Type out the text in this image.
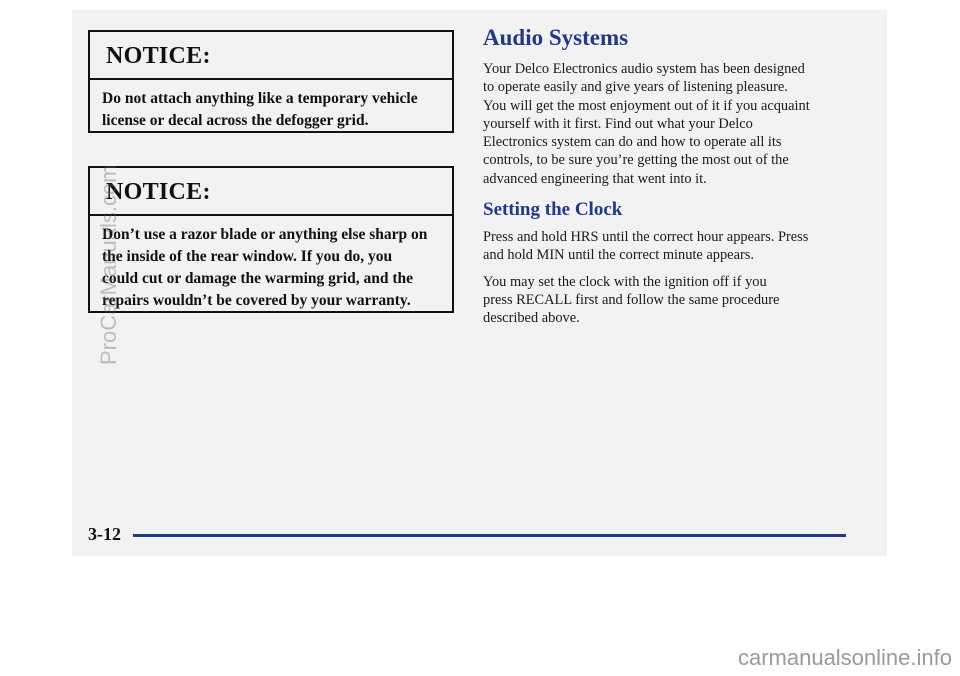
NOTICE:
Do not attach anything like a temporary vehicle
license or decal across the defogger grid.
NOTICE:
Don’t use a razor blade or anything else sharp on
the inside of the rear window. If you do, you
could cut or damage the warming grid, and the
repairs wouldn’t be covered by your warranty.
Audio Systems
Your Delco Electronics audio system has been designed
to operate easily and give years of listening pleasure.
You will get the most enjoyment out of it if you acquaint
yourself with it first. Find out what your Delco
Electronics system can do and how to operate all its
controls, to be sure you’re getting the most out of the
advanced engineering that went into it.
Setting the Clock
Press and hold HRS until the correct hour appears. Press
and hold MIN until the correct minute appears.
You may set the clock with the ignition off if you
press RECALL first and follow the same procedure
described above.
3-12
ProCarManuals.com
carmanualsonline.info
